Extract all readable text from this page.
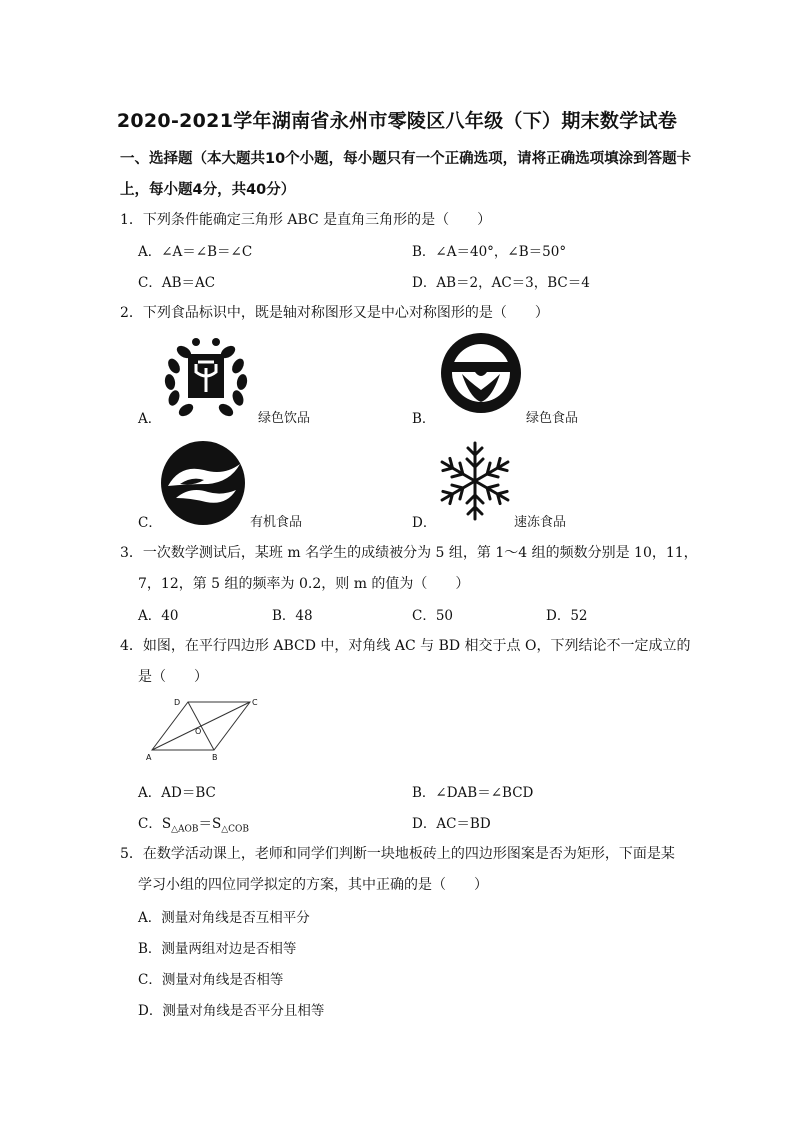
2020-2021学年湖南省永州市零陵区八年级（下）期末数学试卷
一、选择题（本大题共10个小题，每小题只有一个正确选项，请将正确选项填涂到答题卡
上，每小题4分，共40分）
1．下列条件能确定三角形 ABC 是直角三角形的是（　　）
A．∠A＝∠B＝∠C	B．∠A＝40°，∠B＝50°
C．AB＝AC	D．AB＝2，AC＝3，BC＝4
2．下列食品标识中，既是轴对称图形又是中心对称图形的是（　　）
A．	绿色饮品	B．	绿色食品
C．	有机食品	D．	速冻食品
3．一次数学测试后，某班 m 名学生的成绩被分为 5 组，第 1～4 组的频数分别是 10，11，
7，12，第 5 组的频率为 0.2，则 m 的值为（　　）
A．40	B．48	C．50	D．52
4．如图，在平行四边形 ABCD 中，对角线 AC 与 BD 相交于点 O，下列结论不一定成立的
是（　　）
A	B
C
D
O
A．AD＝BC	B．∠DAB＝∠BCD
C．$S_{\triangle AOB}=S_{\triangle COB}$	D．AC＝BD
5．在数学活动课上，老师和同学们判断一块地板砖上的四边形图案是否为矩形，下面是某
学习小组的四位同学拟定的方案，其中正确的是（　　）
A．测量对角线是否互相平分
B．测量两组对边是否相等
C．测量对角线是否相等
D．测量对角线是否平分且相等
